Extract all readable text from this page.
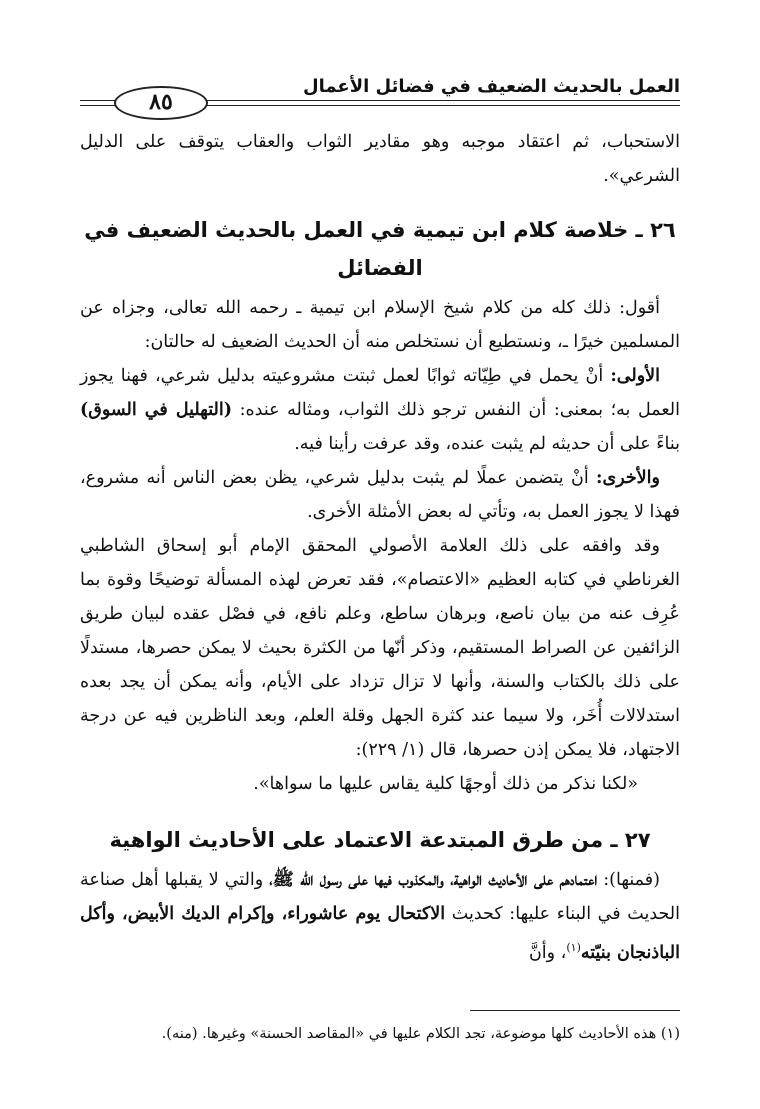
العمل بالحديث الضعيف في فضائل الأعمال
٨٥

الاستحباب، ثم اعتقاد موجبه وهو مقادير الثواب والعقاب يتوقف على الدليل الشرعي».

٢٦ ـ خلاصة كلام ابن تيمية في العمل بالحديث الضعيف في الفضائل

أقول: ذلك كله من كلام شيخ الإسلام ابن تيمية ـ رحمه الله تعالى، وجزاه عن المسلمين خيرًا ـ، ونستطيع أن نستخلص منه أن الحديث الضعيف له حالتان:

الأولى: أنْ يحمل في طِيّاته ثوابًا لعمل ثبتت مشروعيته بدليل شرعي، فهنا يجوز العمل به؛ بمعنى: أن النفس ترجو ذلك الثواب، ومثاله عنده: (التهليل في السوق) بناءً على أن حديثه لم يثبت عنده، وقد عرفت رأينا فيه.

والأخرى: أنْ يتضمن عملًا لم يثبت بدليل شرعي، يظن بعض الناس أنه مشروع، فهذا لا يجوز العمل به، وتأتي له بعض الأمثلة الأخرى.

وقد وافقه على ذلك العلامة الأصولي المحقق الإمام أبو إسحاق الشاطبي الغرناطي في كتابه العظيم «الاعتصام»، فقد تعرض لهذه المسألة توضيحًا وقوة بما عُرِف عنه من بيان ناصع، وبرهان ساطع، وعلم نافع، في فصْل عقده لبيان طريق الزائفين عن الصراط المستقيم، وذكر أنّها من الكثرة بحيث لا يمكن حصرها، مستدلًا على ذلك بالكتاب والسنة، وأنها لا تزال تزداد على الأيام، وأنه يمكن أن يجد بعده استدلالات أُخَر، ولا سيما عند كثرة الجهل وقلة العلم، وبعد الناظرين فيه عن درجة الاجتهاد، فلا يمكن إذن حصرها، قال (١/ ٢٢٩):

«لكنا نذكر من ذلك أوجهًا كلية يقاس عليها ما سواها».

٢٧ ـ من طرق المبتدعة الاعتماد على الأحاديث الواهية

(فمنها): اعتمادهم على الأحاديث الواهية، والمكذوب فيها على رسول الله ﷺ، والتي لا يقبلها أهل صناعة الحديث في البناء عليها: كحديث الاكتحال يوم عاشوراء، وإكرام الديك الأبيض، وأكل الباذنجان بنيّته$^{(١)}$، وأنَّ

(١) هذه الأحاديث كلها موضوعة، تجد الكلام عليها في «المقاصد الحسنة» وغيرها. (منه).
